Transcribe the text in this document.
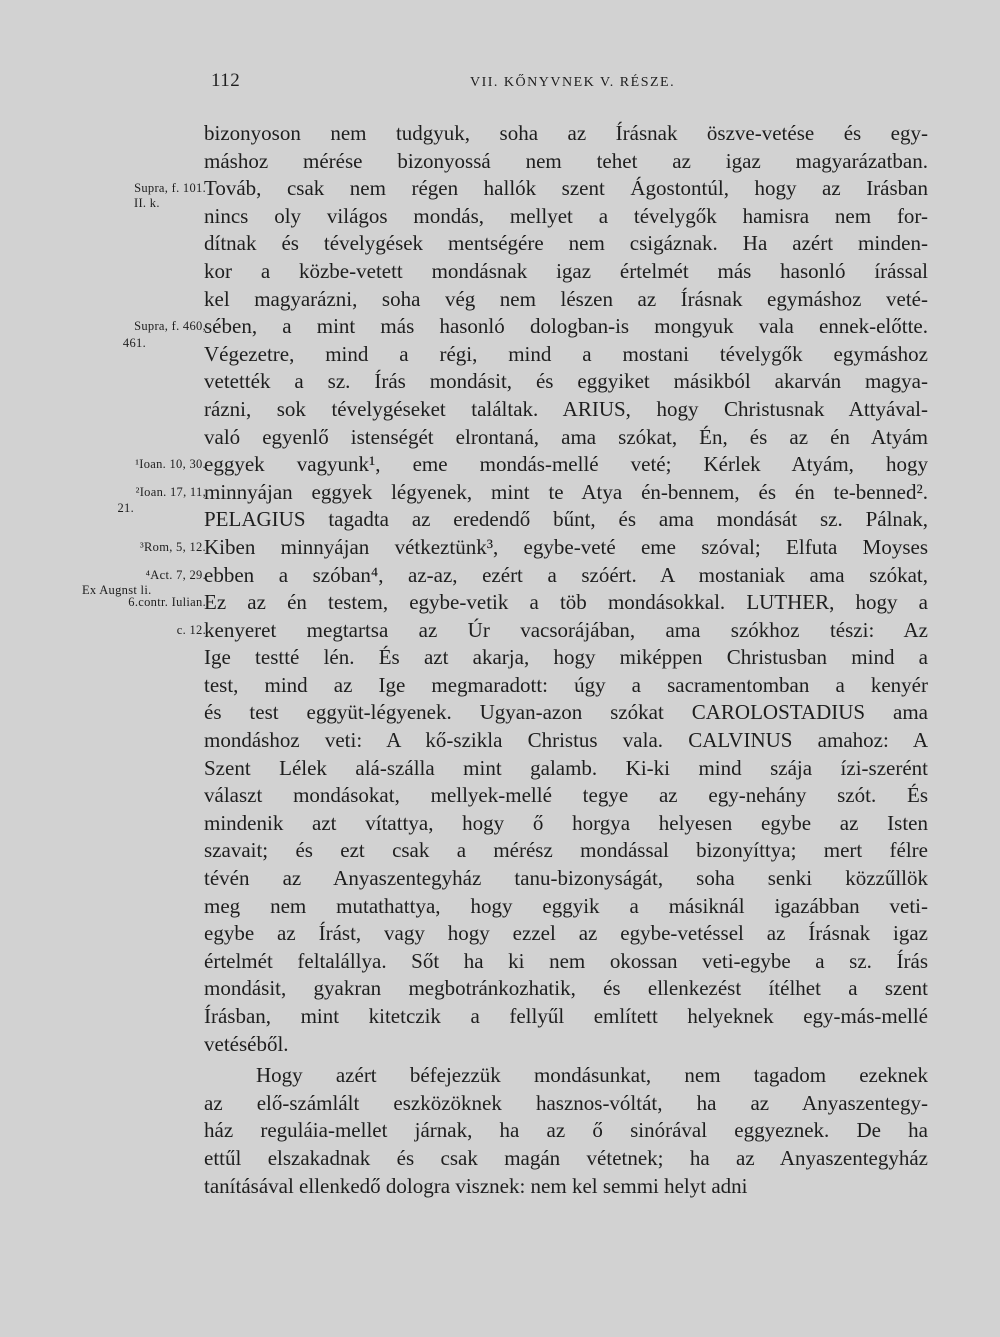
112	VII. KŐNYVNEK V. RÉSZE.
Supra, f. 101.
II. k.
Supra, f. 460,
461.
¹Ioan. 10, 30.
²Ioan. 17, 11,
21.
³Rom, 5, 12.
⁴Act. 7, 29.
Ex Augnst li.
6.contr. Iulian.
c. 12.
bizonyoson nem tudgyuk, soha az Írásnak öszve-vetése és egy-
máshoz mérése bizonyossá nem tehet az igaz magyarázatban.
Továb, csak nem régen hallók szent Ágostontúl, hogy az Irásban
nincs oly világos mondás, mellyet a tévelygők hamisra nem for-
dítnak és tévelygések mentségére nem csigáznak. Ha azért minden-
kor a közbe-vetett mondásnak igaz értelmét más hasonló írással
kel magyarázni, soha vég nem lészen az Írásnak egymáshoz veté-
sében, a mint más hasonló dologban-is mongyuk vala ennek-előtte.
Végezetre, mind a régi, mind a mostani tévelygők egymáshoz
vetették a sz. Írás mondásit, és eggyiket másikból akarván magya-
rázni, sok tévelygéseket találtak. ARIUS, hogy Christusnak Attyával-
való egyenlő istenségét elrontaná, ama szókat, Én, és az én Atyám
eggyek vagyunk¹, eme mondás-mellé veté; Kérlek Atyám, hogy
minnyájan eggyek légyenek, mint te Atya én-bennem, és én te-benned².
PELAGIUS tagadta az eredendő bűnt, és ama mondását sz. Pálnak,
Kiben minnyájan vétkeztünk³, egybe-veté eme szóval; Elfuta Moyses
ebben a szóban⁴, az-az, ezért a szóért. A mostaniak ama szókat,
Ez az én testem, egybe-vetik a töb mondásokkal. LUTHER, hogy a
kenyeret megtartsa az Úr vacsorájában, ama szókhoz tészi: Az
Ige testté lén. És azt akarja, hogy miképpen Christusban mind a
test, mind az Ige megmaradott: úgy a sacramentomban a kenyér
és test eggyüt-légyenek. Ugyan-azon szókat CAROLOSTADIUS ama
mondáshoz veti: A kő-szikla Christus vala. CALVINUS amahoz: A
Szent Lélek alá-szálla mint galamb. Ki-ki mind szája ízi-szerént
választ mondásokat, mellyek-mellé tegye az egy-nehány szót. És
mindenik azt vítattya, hogy ő horgya helyesen egybe az Isten
szavait; és ezt csak a mérész mondással bizonyíttya; mert félre
tévén az Anyaszentegyház tanu-bizonyságát, soha senki közzűllök
meg nem mutathattya, hogy eggyik a másiknál igazábban veti-
egybe az Írást, vagy hogy ezzel az egybe-vetéssel az Írásnak igaz
értelmét feltalállya. Sőt ha ki nem okossan veti-egybe a sz. Írás
mondásit, gyakran megbotránkozhatik, és ellenkezést ítélhet a szent
Írásban, mint kitetczik a fellyűl említett helyeknek egy-más-mellé
vetéséből.
Hogy azért béfejezzük mondásunkat, nem tagadom ezeknek
az elő-számlált eszközöknek hasznos-vóltát, ha az Anyaszentegy-
ház reguláia-mellet járnak, ha az ő sinórával eggyeznek. De ha
ettűl elszakadnak és csak magán vétetnek; ha az Anyaszentegyház
tanításával ellenkedő dologra visznek: nem kel semmi helyt adni
